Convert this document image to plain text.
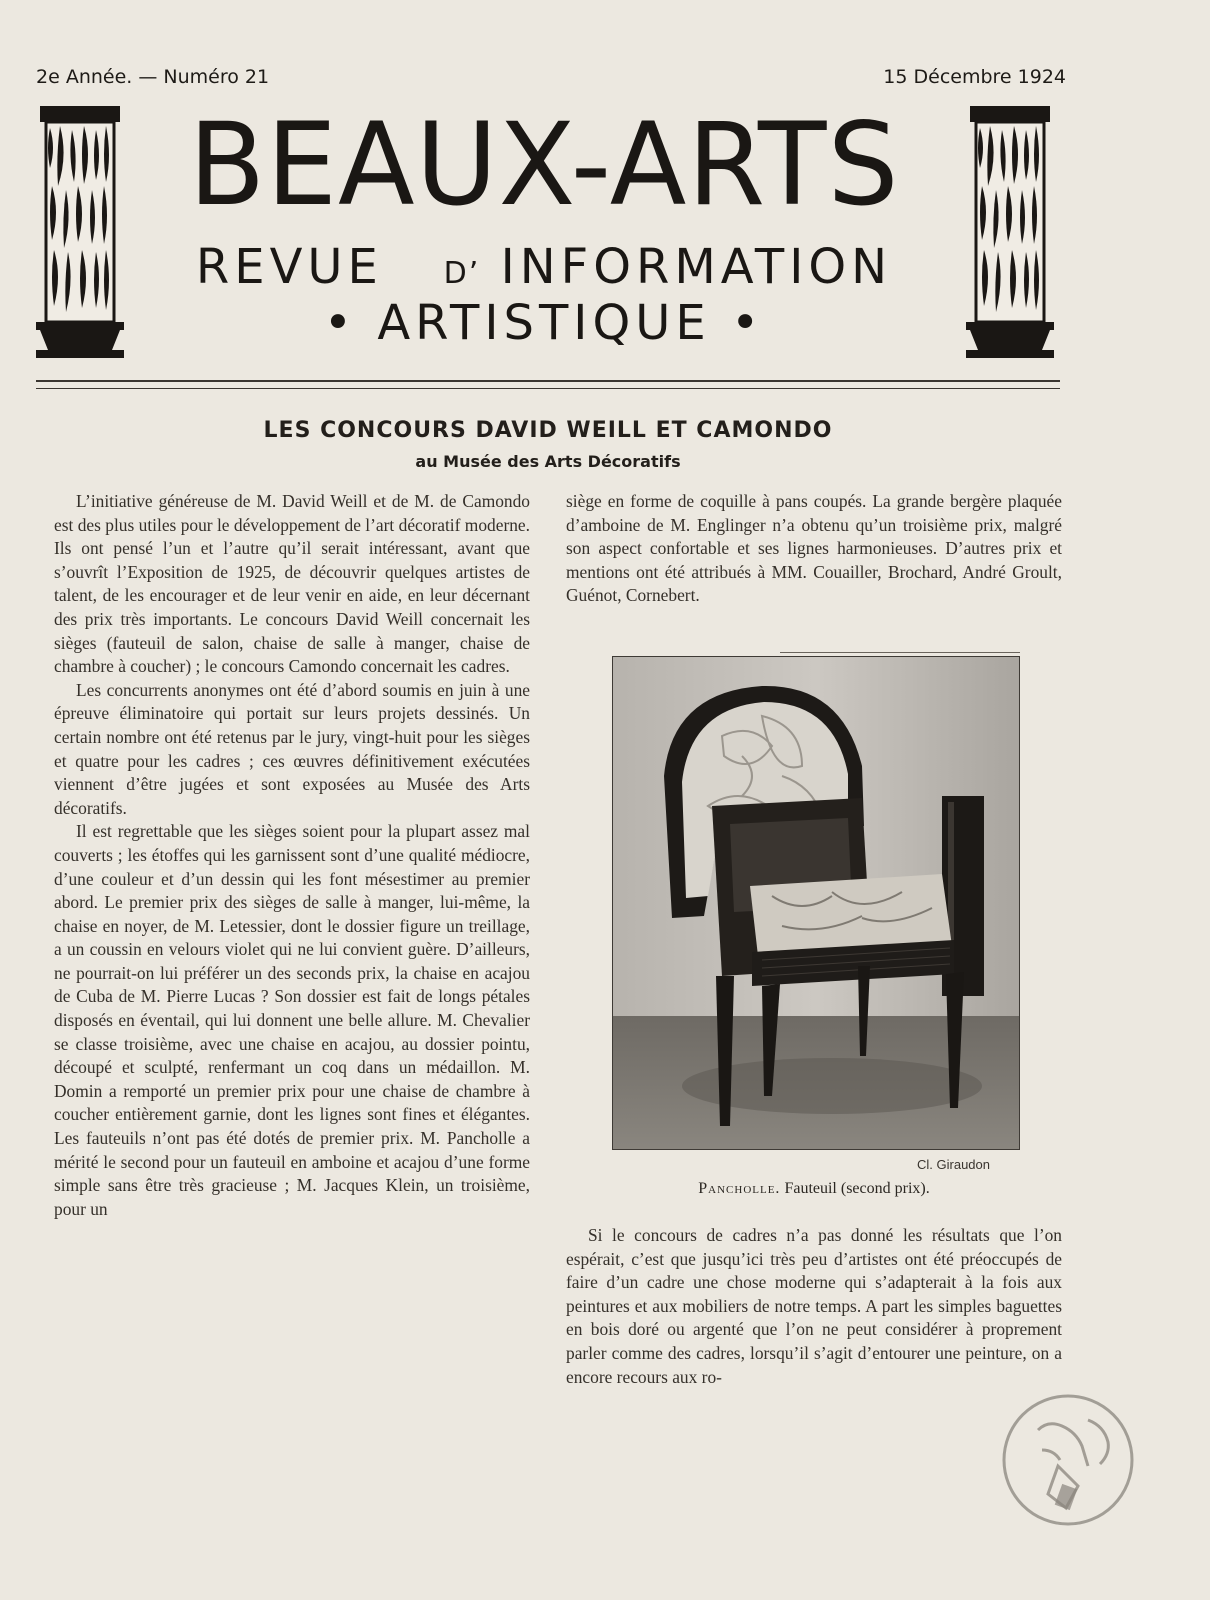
2e Année. — Numéro 21	15 Décembre 1924
BEAUX-ARTS
REVUE D’ INFORMATION
• ARTISTIQUE •
LES CONCOURS DAVID WEILL ET CAMONDO
au Musée des Arts Décoratifs

L’initiative généreuse de M. David Weill et de M. de Camondo est des plus utiles pour le développement de l’art décoratif moderne. Ils ont pensé l’un et l’autre qu’il serait intéressant, avant que s’ouvrît l’Exposition de 1925, de découvrir quelques artistes de talent, de les encourager et de leur venir en aide, en leur décernant des prix très importants. Le concours David Weill concernait les sièges (fauteuil de salon, chaise de salle à manger, chaise de chambre à coucher) ; le concours Camondo concernait les cadres.

Les concurrents anonymes ont été d’abord soumis en juin à une épreuve éliminatoire qui portait sur leurs projets dessinés. Un certain nombre ont été retenus par le jury, vingt-huit pour les sièges et quatre pour les cadres ; ces œuvres définitivement exécutées viennent d’être jugées et sont exposées au Musée des Arts décoratifs.

Il est regrettable que les sièges soient pour la plupart assez mal couverts ; les étoffes qui les garnissent sont d’une qualité médiocre, d’une couleur et d’un dessin qui les font mésestimer au premier abord. Le premier prix des sièges de salle à manger, lui-même, la chaise en noyer, de M. Letessier, dont le dossier figure un treillage, a un coussin en velours violet qui ne lui convient guère. D’ailleurs, ne pourrait-on lui préférer un des seconds prix, la chaise en acajou de Cuba de M. Pierre Lucas ? Son dossier est fait de longs pétales disposés en éventail, qui lui donnent une belle allure. M. Chevalier se classe troisième, avec une chaise en acajou, au dossier pointu, découpé et sculpté, renfermant un coq dans un médaillon. M. Domin a remporté un premier prix pour une chaise de chambre à coucher entièrement garnie, dont les lignes sont fines et élégantes. Les fauteuils n’ont pas été dotés de premier prix. M. Pancholle a mérité le second pour un fauteuil en amboine et acajou d’une forme simple sans être très gracieuse ; M. Jacques Klein, un troisième, pour un

siège en forme de coquille à pans coupés. La grande bergère plaquée d’amboine de M. Englinger n’a obtenu qu’un troisième prix, malgré son aspect confortable et ses lignes harmonieuses. D’autres prix et mentions ont été attribués à MM. Couailler, Brochard, André Groult, Guénot, Cornebert.

Cl. Giraudon
Pancholle. Fauteuil (second prix).

Si le concours de cadres n’a pas donné les résultats que l’on espérait, c’est que jusqu’ici très peu d’artistes ont été préoccupés de faire d’un cadre une chose moderne qui s’adapterait à la fois aux peintures et aux mobiliers de notre temps. A part les simples baguettes en bois doré ou argenté que l’on ne peut considérer à proprement parler comme des cadres, lorsqu’il s’agit d’entourer une peinture, on a encore recours aux ro-
